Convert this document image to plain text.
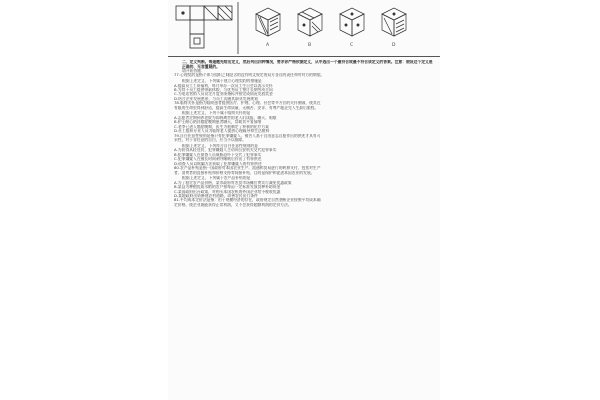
A	B	C	D

二、定义判断。每道题先给出定义，然后列出四种情况，要求你严格依据定义，从中选出一个最符合或最不符合该定义的答案。注意：假设这个定义是正确的、无容置疑的。

请开始答题：

77.心理契约是指个体与组织之间隐含的没有明文规定的双方各自的责任和对对方的期望。

根据上述定义，下列属于建立心理契约的措施是

A.提高员工工资福利，每月举办一次员工生日会以表示关怀

B.为骨干员工提供带薪休假，与优秀员工签订长期劳动合同

C.为电话营销人员设定月度业绩指标并按完成情况发放奖金

D.结合企业发展愿景，与员工沟通其职业发展规划

78.临终关怀是指为临终患者提供医疗、护理、心理、社会等多方位的关怀照顾，使其在

有限的生命里得到舒适，提高生命质量，无痛苦、安详、有尊严地走完人生最后旅程。

根据上述定义，下列不属于临终关怀的是

A.志愿者定期到养老院为即将离世的老人们读报、聊天、唱歌

B.护士耐心陪伴癌症晚期患者聊天，帮助其平复情绪

C.老李已进入癌症晚期，医生为他制定了积极的化疗方案

D.社工组织专业人员为临终老人提供心理疏导和生活照料

79.自白任意性规则是指只有犯罪嫌疑人、被告人基于自由意志自愿作出的供述才具有可

采性，对于非任意的自白，应当予以排除。

根据上述定义，下列符合自白任意性规则的是

A.为获得从轻处罚，犯罪嫌疑人主动向公安机关交代犯罪事实

B.犯罪嫌疑人在侦查人员威胁恐吓下交代了犯罪事实

C.犯罪嫌疑人在被长时间剥夺睡眠后作出了有罪供述

D.侦查人员以欺骗方法获取了犯罪嫌疑人的有罪供述

80.农产品补贴是指一国政府对本国农业生产、流通和贸易进行的转移支付，包括对生产

者、消费者的直接补贴和价格支持等间接补贴，目的是保护和促进本国农业的发展。

根据上述定义，下列属于农产品补贴的是

A.为了稳定农产品价格，某市政府对农贸市场摊位费实行减免优惠政策

B.某县为种植优质水稻的农户按每亩一定标准发放良种补助资金

C.某国政府出台政策，对购买本国农机的外国企业给予税收优惠

D.某地政府出资修建农村道路，改善农民出行条件

81.平均成本定价法是指：由于规模经济的存在，政府规定自然垄断企业按照平均成本确

定价格，使企业既能获得正常利润，又不会获得超额利润的定价方法。
